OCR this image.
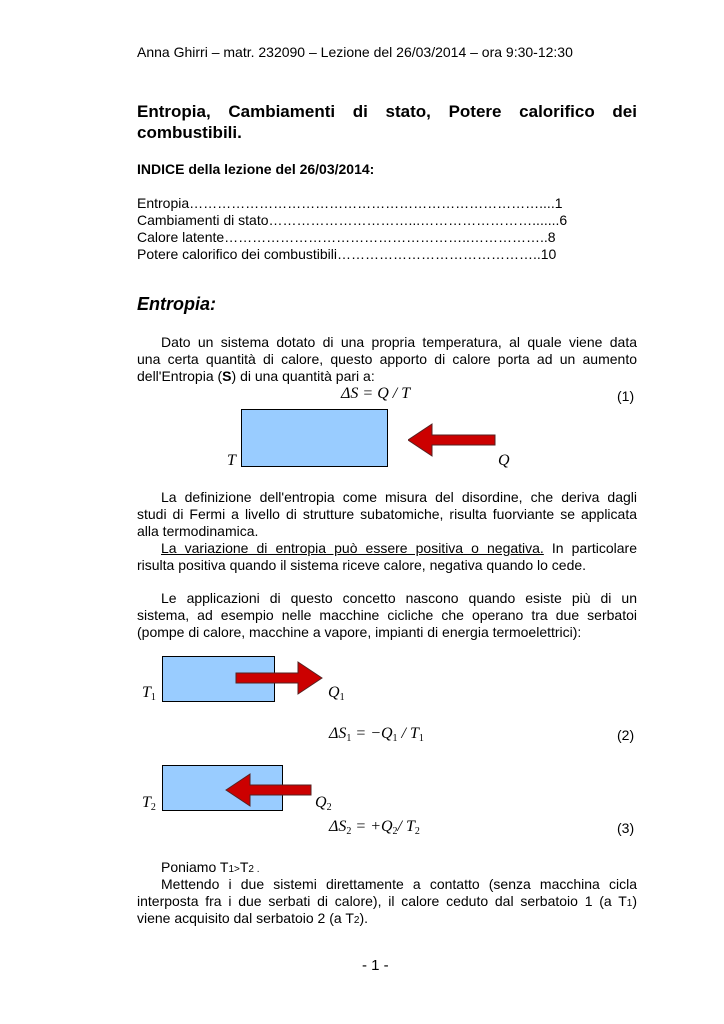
Anna Ghirri – matr. 232090 – Lezione del 26/03/2014 – ora 9:30-12:30
Entropia, Cambiamenti di stato, Potere calorifico dei
combustibili.
INDICE della lezione del 26/03/2014:
Entropia…………………………………………………………………....1
Cambiamenti di stato…………………………...…………………….......6
Calore latente……………………………………………..……………..8
Potere calorifico dei combustibili……………………………………..10
Entropia:
Dato un sistema dotato di una propria temperatura, al quale viene data
una certa quantità di calore, questo apporto di calore porta ad un aumento
dell'Entropia (S) di una quantità pari a:
ΔS = Q / T	(1)
T	Q
La definizione dell'entropia come misura del disordine, che deriva dagli
studi di Fermi a livello di strutture subatomiche, risulta fuorviante se applicata
alla termodinamica.
La variazione di entropia può essere positiva o negativa. In particolare
risulta positiva quando il sistema riceve calore, negativa quando lo cede.
Le applicazioni di questo concetto nascono quando esiste più di un
sistema, ad esempio nelle macchine cicliche che operano tra due serbatoi
(pompe di calore, macchine a vapore, impianti di energia termoelettrici):
$T_1$	$Q_1$
$\Delta S_1 = -Q_1 / T_1$	(2)
$T_2$	$Q_2$
$\Delta S_2 = +Q_2/$ $T_2$	(3)
Poniamo T1>T2 .
Mettendo i due sistemi direttamente a contatto (senza macchina cicla
interposta fra i due serbati di calore), il calore ceduto dal serbatoio 1 (a T1)
viene acquisito dal serbatoio 2 (a T2).
- 1 -
